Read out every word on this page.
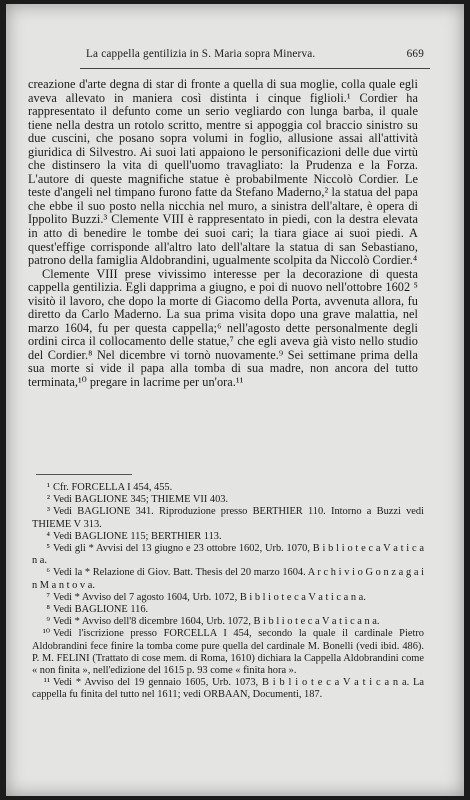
La cappella gentilizia in S. Maria sopra Minerva.	669

creazione d'arte degna di star di fronte a quella di sua moglie, colla quale egli aveva allevato in maniera così distinta i cinque figlioli.¹ Cordier ha rappresentato il defunto come un serio vegliardo con lunga barba, il quale tiene nella destra un rotolo scritto, mentre si appoggia col braccio sinistro su due cuscini, che posano sopra volumi in foglio, allusione assai all'attività giuridica di Silvestro. Ai suoi lati appaiono le personificazioni delle due virtù che distinsero la vita di quell'uomo travagliato: la Prudenza e la Forza. L'autore di queste magnifiche statue è probabilmente Niccolò Cordier. Le teste d'angeli nel timpano furono fatte da Stefano Maderno,² la statua del papa che ebbe il suo posto nella nicchia nel muro, a sinistra dell'altare, è opera di Ippolito Buzzi.³ Clemente VIII è rappresentato in piedi, con la destra elevata in atto di benedire le tombe dei suoi cari; la tiara giace ai suoi piedi. A quest'effige corrisponde all'altro lato dell'altare la statua di san Sebastiano, patrono della famiglia Aldobrandini, ugualmente scolpita da Niccolò Cordier.⁴

Clemente VIII prese vivissimo interesse per la decorazione di questa cappella gentilizia. Egli dapprima a giugno, e poi di nuovo nell'ottobre 1602 ⁵ visitò il lavoro, che dopo la morte di Giacomo della Porta, avvenuta allora, fu diretto da Carlo Maderno. La sua prima visita dopo una grave malattia, nel marzo 1604, fu per questa cappella;⁶ nell'agosto dette personalmente degli ordini circa il collocamento delle statue,⁷ che egli aveva già visto nello studio del Cordier.⁸ Nel dicembre vi tornò nuovamente.⁹ Sei settimane prima della sua morte si vide il papa alla tomba di sua madre, non ancora del tutto terminata,¹⁰ pregare in lacrime per un'ora.¹¹

¹ Cfr. FORCELLA I 454, 455.

² Vedi BAGLIONE 345; THIEME VII 403.

³ Vedi BAGLIONE 341. Riproduzione presso BERTHIER 110. Intorno a Buzzi vedi THIEME V 313.

⁴ Vedi BAGLIONE 115; BERTHIER 113.

⁵ Vedi gli * Avvisi del 13 giugno e 23 ottobre 1602, Urb. 1070, B i b l i o t e c a V a t i c a n a.

⁶ Vedi la * Relazione di Giov. Batt. Thesis del 20 marzo 1604. A r c h i v i o G o n z a g a i n M a n t o v a.

⁷ Vedi * Avviso del 7 agosto 1604, Urb. 1072, B i b l i o t e c a V a t i c a n a.

⁸ Vedi BAGLIONE 116.

⁹ Vedi * Avviso dell'8 dicembre 1604, Urb. 1072, B i b l i o t e c a V a t i c a n a.

¹⁰ Vedi l'iscrizione presso FORCELLA I 454, secondo la quale il cardinale Pietro Aldobrandini fece finire la tomba come pure quella del cardinale M. Bonelli (vedi ibid. 486). P. M. FELINI (Trattato di cose mem. di Roma, 1610) dichiara la Cappella Aldobrandini come « non finita », nell'edizione del 1615 p. 93 come « finita hora ».

¹¹ Vedi * Avviso del 19 gennaio 1605, Urb. 1073, B i b l i o t e c a V a t i c a n a. La cappella fu finita del tutto nel 1611; vedi ORBAAN, Documenti, 187.
